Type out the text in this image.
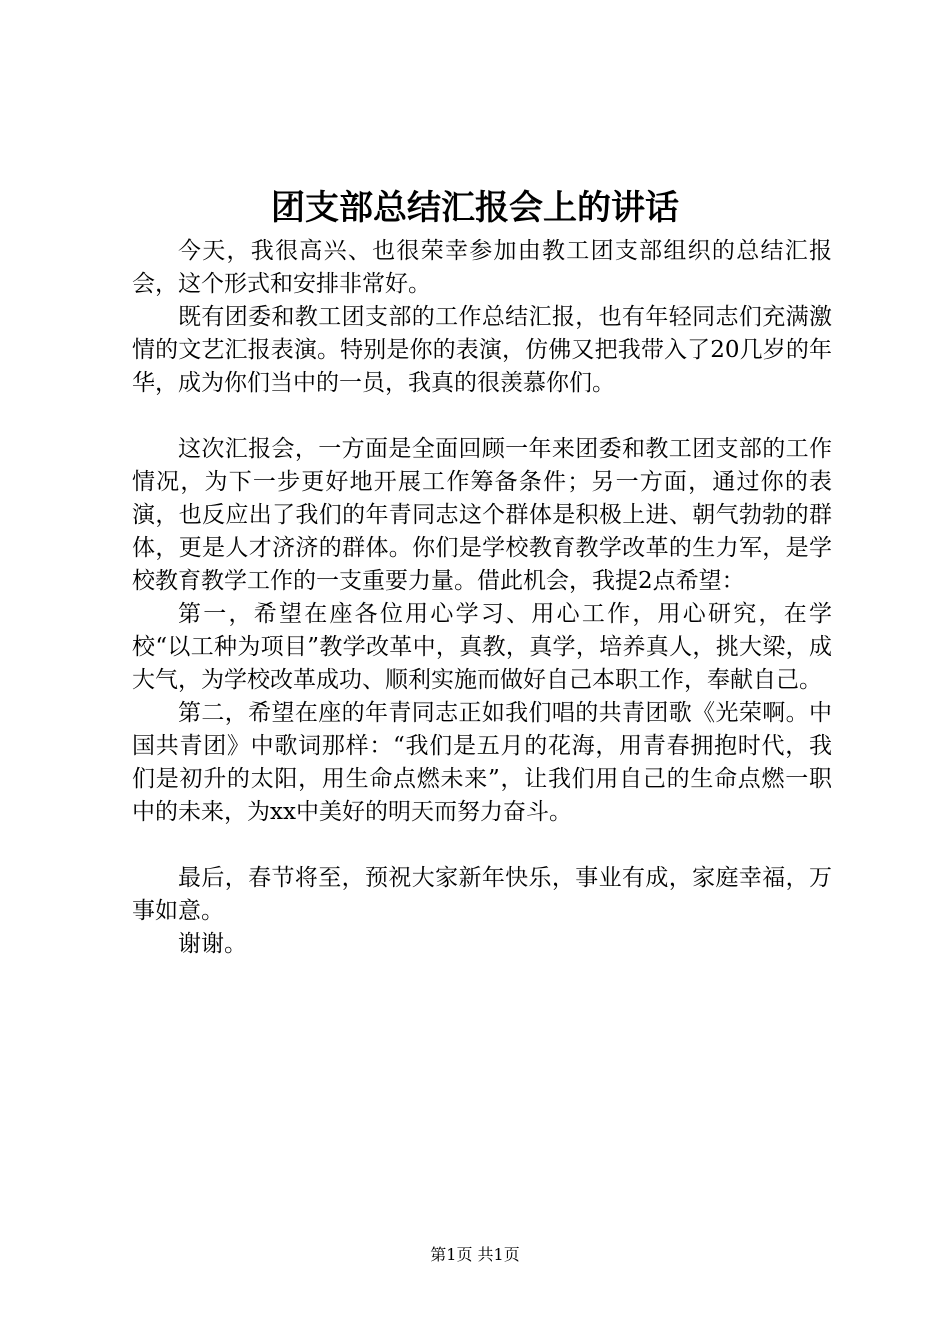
团支部总结汇报会上的讲话

今天，我很高兴、也很荣幸参加由教工团支部组织的总结汇报会，这个形式和安排非常好。

既有团委和教工团支部的工作总结汇报，也有年轻同志们充满激情的文艺汇报表演。特别是你的表演，仿佛又把我带入了20几岁的年华，成为你们当中的一员，我真的很羡慕你们。

这次汇报会，一方面是全面回顾一年来团委和教工团支部的工作情况，为下一步更好地开展工作筹备条件；另一方面，通过你的表演，也反应出了我们的年青同志这个群体是积极上进、朝气勃勃的群体，更是人才济济的群体。你们是学校教育教学改革的生力军，是学校教育教学工作的一支重要力量。借此机会，我提2点希望：

第一，希望在座各位用心学习、用心工作，用心研究，在学校“以工种为项目”教学改革中，真教，真学，培养真人，挑大梁，成大气，为学校改革成功、顺利实施而做好自己本职工作，奉献自己。

第二，希望在座的年青同志正如我们唱的共青团歌《光荣啊。中国共青团》中歌词那样：“我们是五月的花海，用青春拥抱时代，我们是初升的太阳，用生命点燃未来”，让我们用自己的生命点燃一职中的未来，为xx中美好的明天而努力奋斗。

最后，春节将至，预祝大家新年快乐，事业有成，家庭幸福，万事如意。

谢谢。

第1页 共1页
